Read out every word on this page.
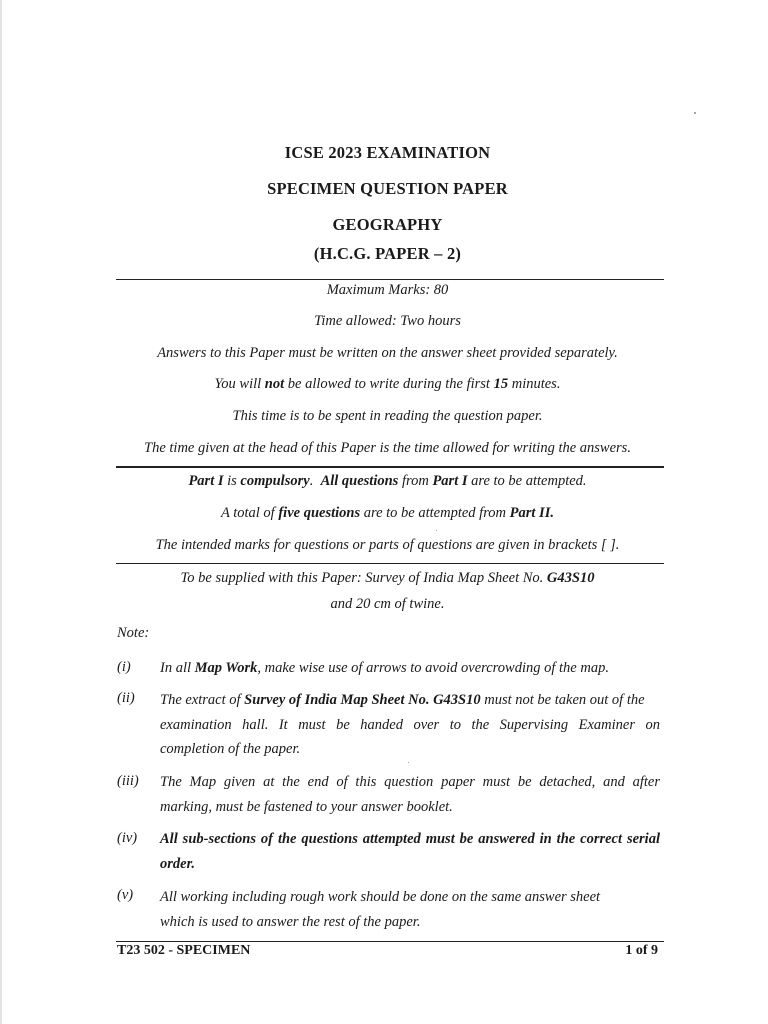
ICSE 2023 EXAMINATION
SPECIMEN QUESTION PAPER
GEOGRAPHY
(H.C.G. PAPER – 2)
Maximum Marks: 80
Time allowed: Two hours
Answers to this Paper must be written on the answer sheet provided separately.
You will not be allowed to write during the first 15 minutes.
This time is to be spent in reading the question paper.
The time given at the head of this Paper is the time allowed for writing the answers.
Part I is compulsory.  All questions from Part I are to be attempted.
A total of five questions are to be attempted from Part II.
The intended marks for questions or parts of questions are given in brackets [ ].
To be supplied with this Paper: Survey of India Map Sheet No. G43S10
and 20 cm of twine.
Note:
(i) In all Map Work, make wise use of arrows to avoid overcrowding of the map.
(ii) The extract of Survey of India Map Sheet No. G43S10 must not be taken out of the
examination hall. It must be handed over to the Supervising Examiner on
completion of the paper.
(iii) The Map given at the end of this question paper must be detached, and after
marking, must be fastened to your answer booklet.
(iv) All sub-sections of the questions attempted must be answered in the correct serial
order.
(v) All working including rough work should be done on the same answer sheet
which is used to answer the rest of the paper.
T23 502 - SPECIMEN	1 of 9
